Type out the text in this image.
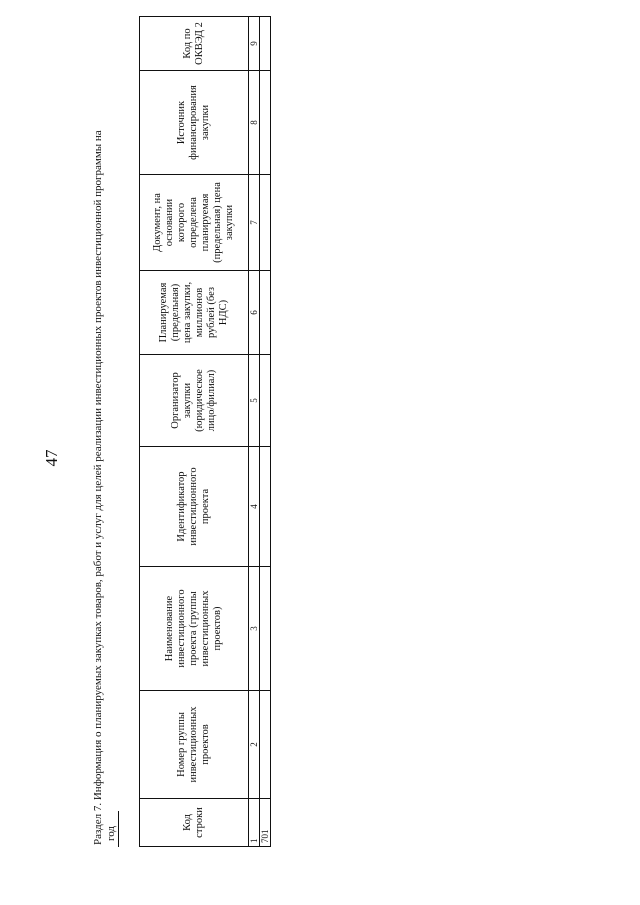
47	Раздел 7. Информация о планируемых закупках товаров, работ и услуг для целей реализации инвестиционных проектов инвестиционной программы на год
Код строки	Номер группы инвестиционных проектов	Наименование инвестиционного проекта (группы инвестиционных проектов)	Идентификатор инвестиционного проекта	Организатор закупки (юридическое лицо/филиал)	Планируемая (предельная) цена закупки, миллионов рублей (без НДС)	Документ, на основании которого определена планируемая (предельная) цена закупки	Источник финансирования закупки	Код по ОКВЭД 2
1	2	3	4	5	6	7	8	9
701								
